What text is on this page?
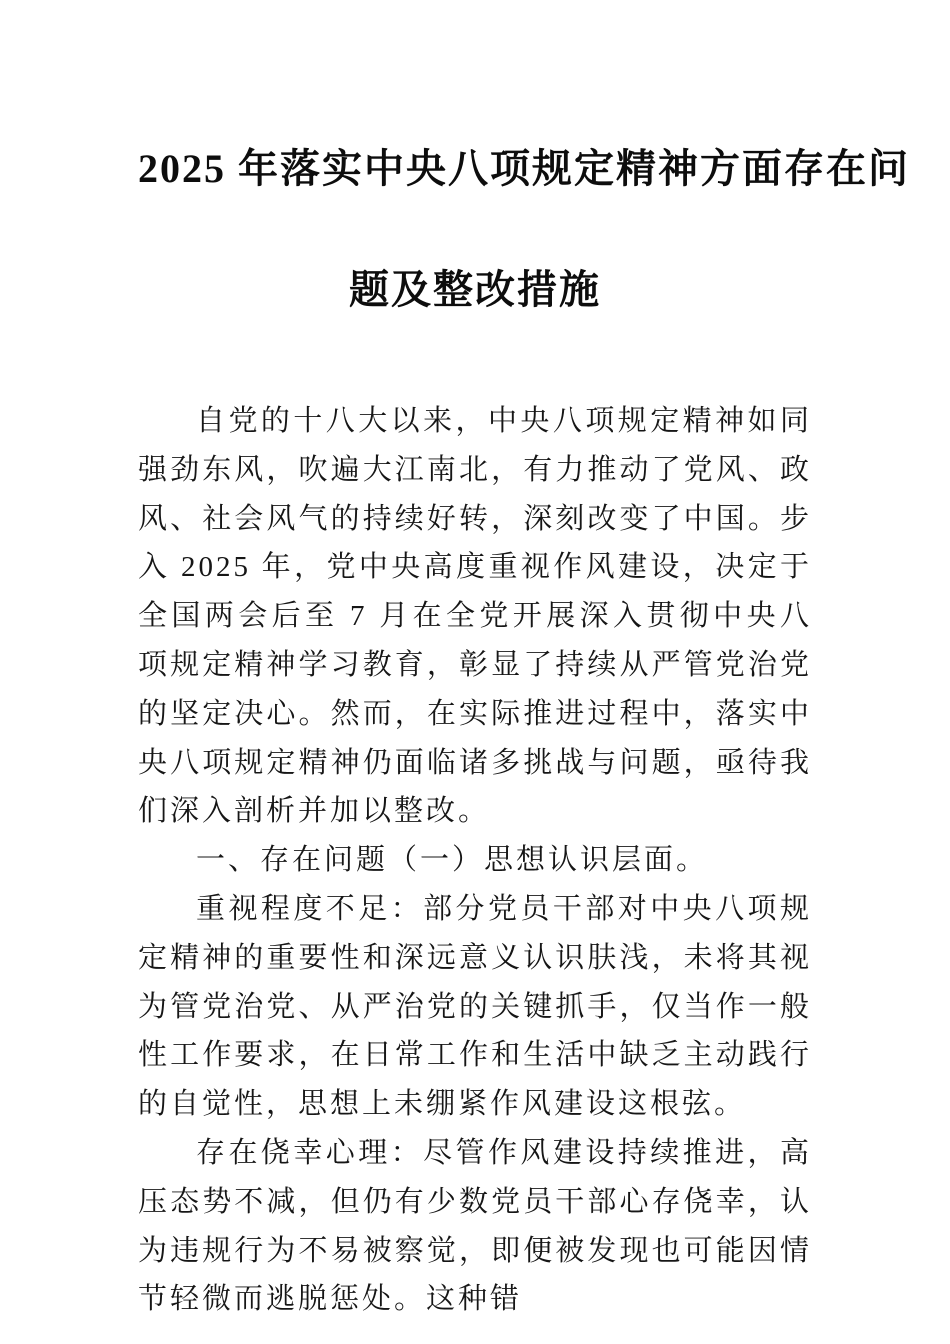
2025 年落实中央八项规定精神方面存在问
题及整改措施

自党的十八大以来，中央八项规定精神如同强劲东风，吹遍大江南北，有力推动了党风、政风、社会风气的持续好转，深刻改变了中国。步入 2025 年，党中央高度重视作风建设，决定于全国两会后至 7 月在全党开展深入贯彻中央八项规定精神学习教育，彰显了持续从严管党治党的坚定决心。然而，在实际推进过程中，落实中央八项规定精神仍面临诸多挑战与问题，亟待我们深入剖析并加以整改。

一、存在问题（一）思想认识层面。

重视程度不足：部分党员干部对中央八项规定精神的重要性和深远意义认识肤浅，未将其视为管党治党、从严治党的关键抓手，仅当作一般性工作要求，在日常工作和生活中缺乏主动践行的自觉性，思想上未绷紧作风建设这根弦。

存在侥幸心理：尽管作风建设持续推进，高压态势不减，但仍有少数党员干部心存侥幸，认为违规行为不易被察觉，即便被发现也可能因情节轻微而逃脱惩处。这种错
